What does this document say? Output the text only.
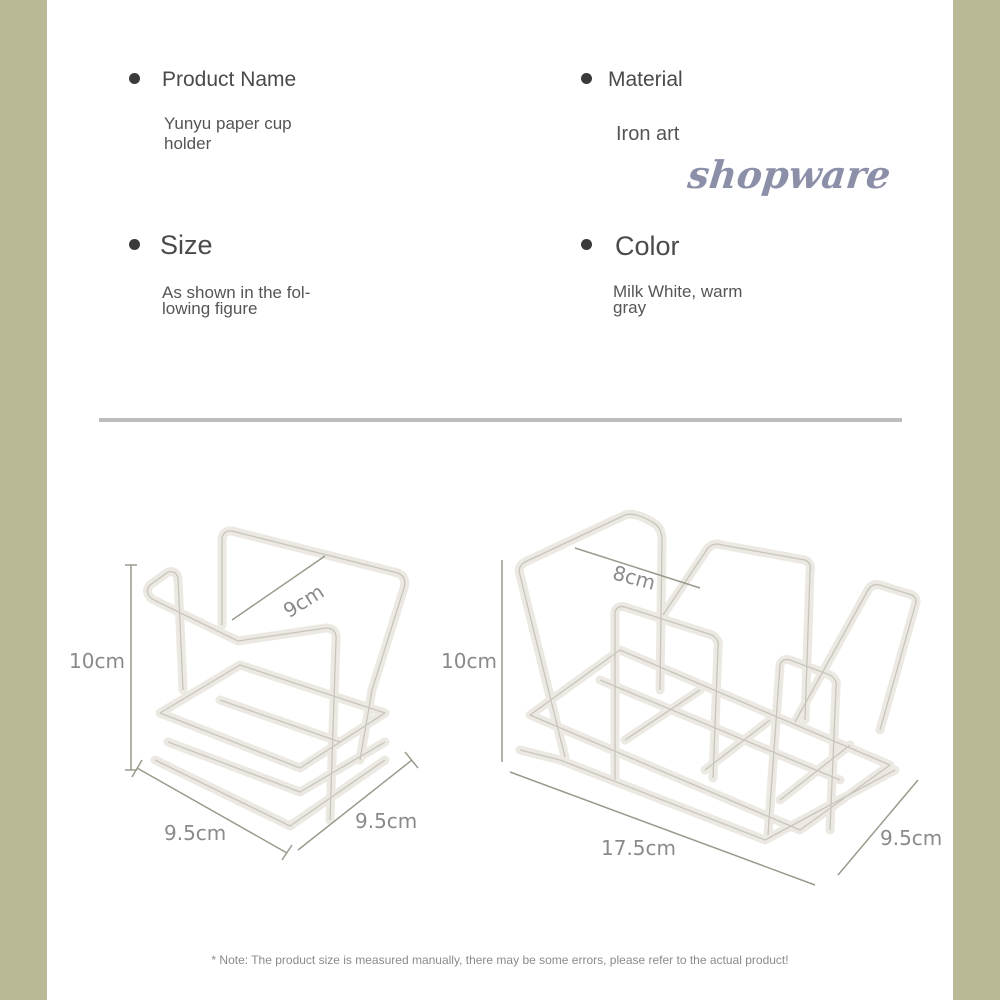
Product Name
Yunyu paper cup holder
Material
Iron art
shopware
Size
As shown in the fol-
lowing figure
Color
Milk White, warm
gray
10cm
9cm
9.5cm	9.5cm
10cm
8cm
17.5cm	9.5cm
* Note: The product size is measured manually, there may be some errors, please refer to the actual product!
